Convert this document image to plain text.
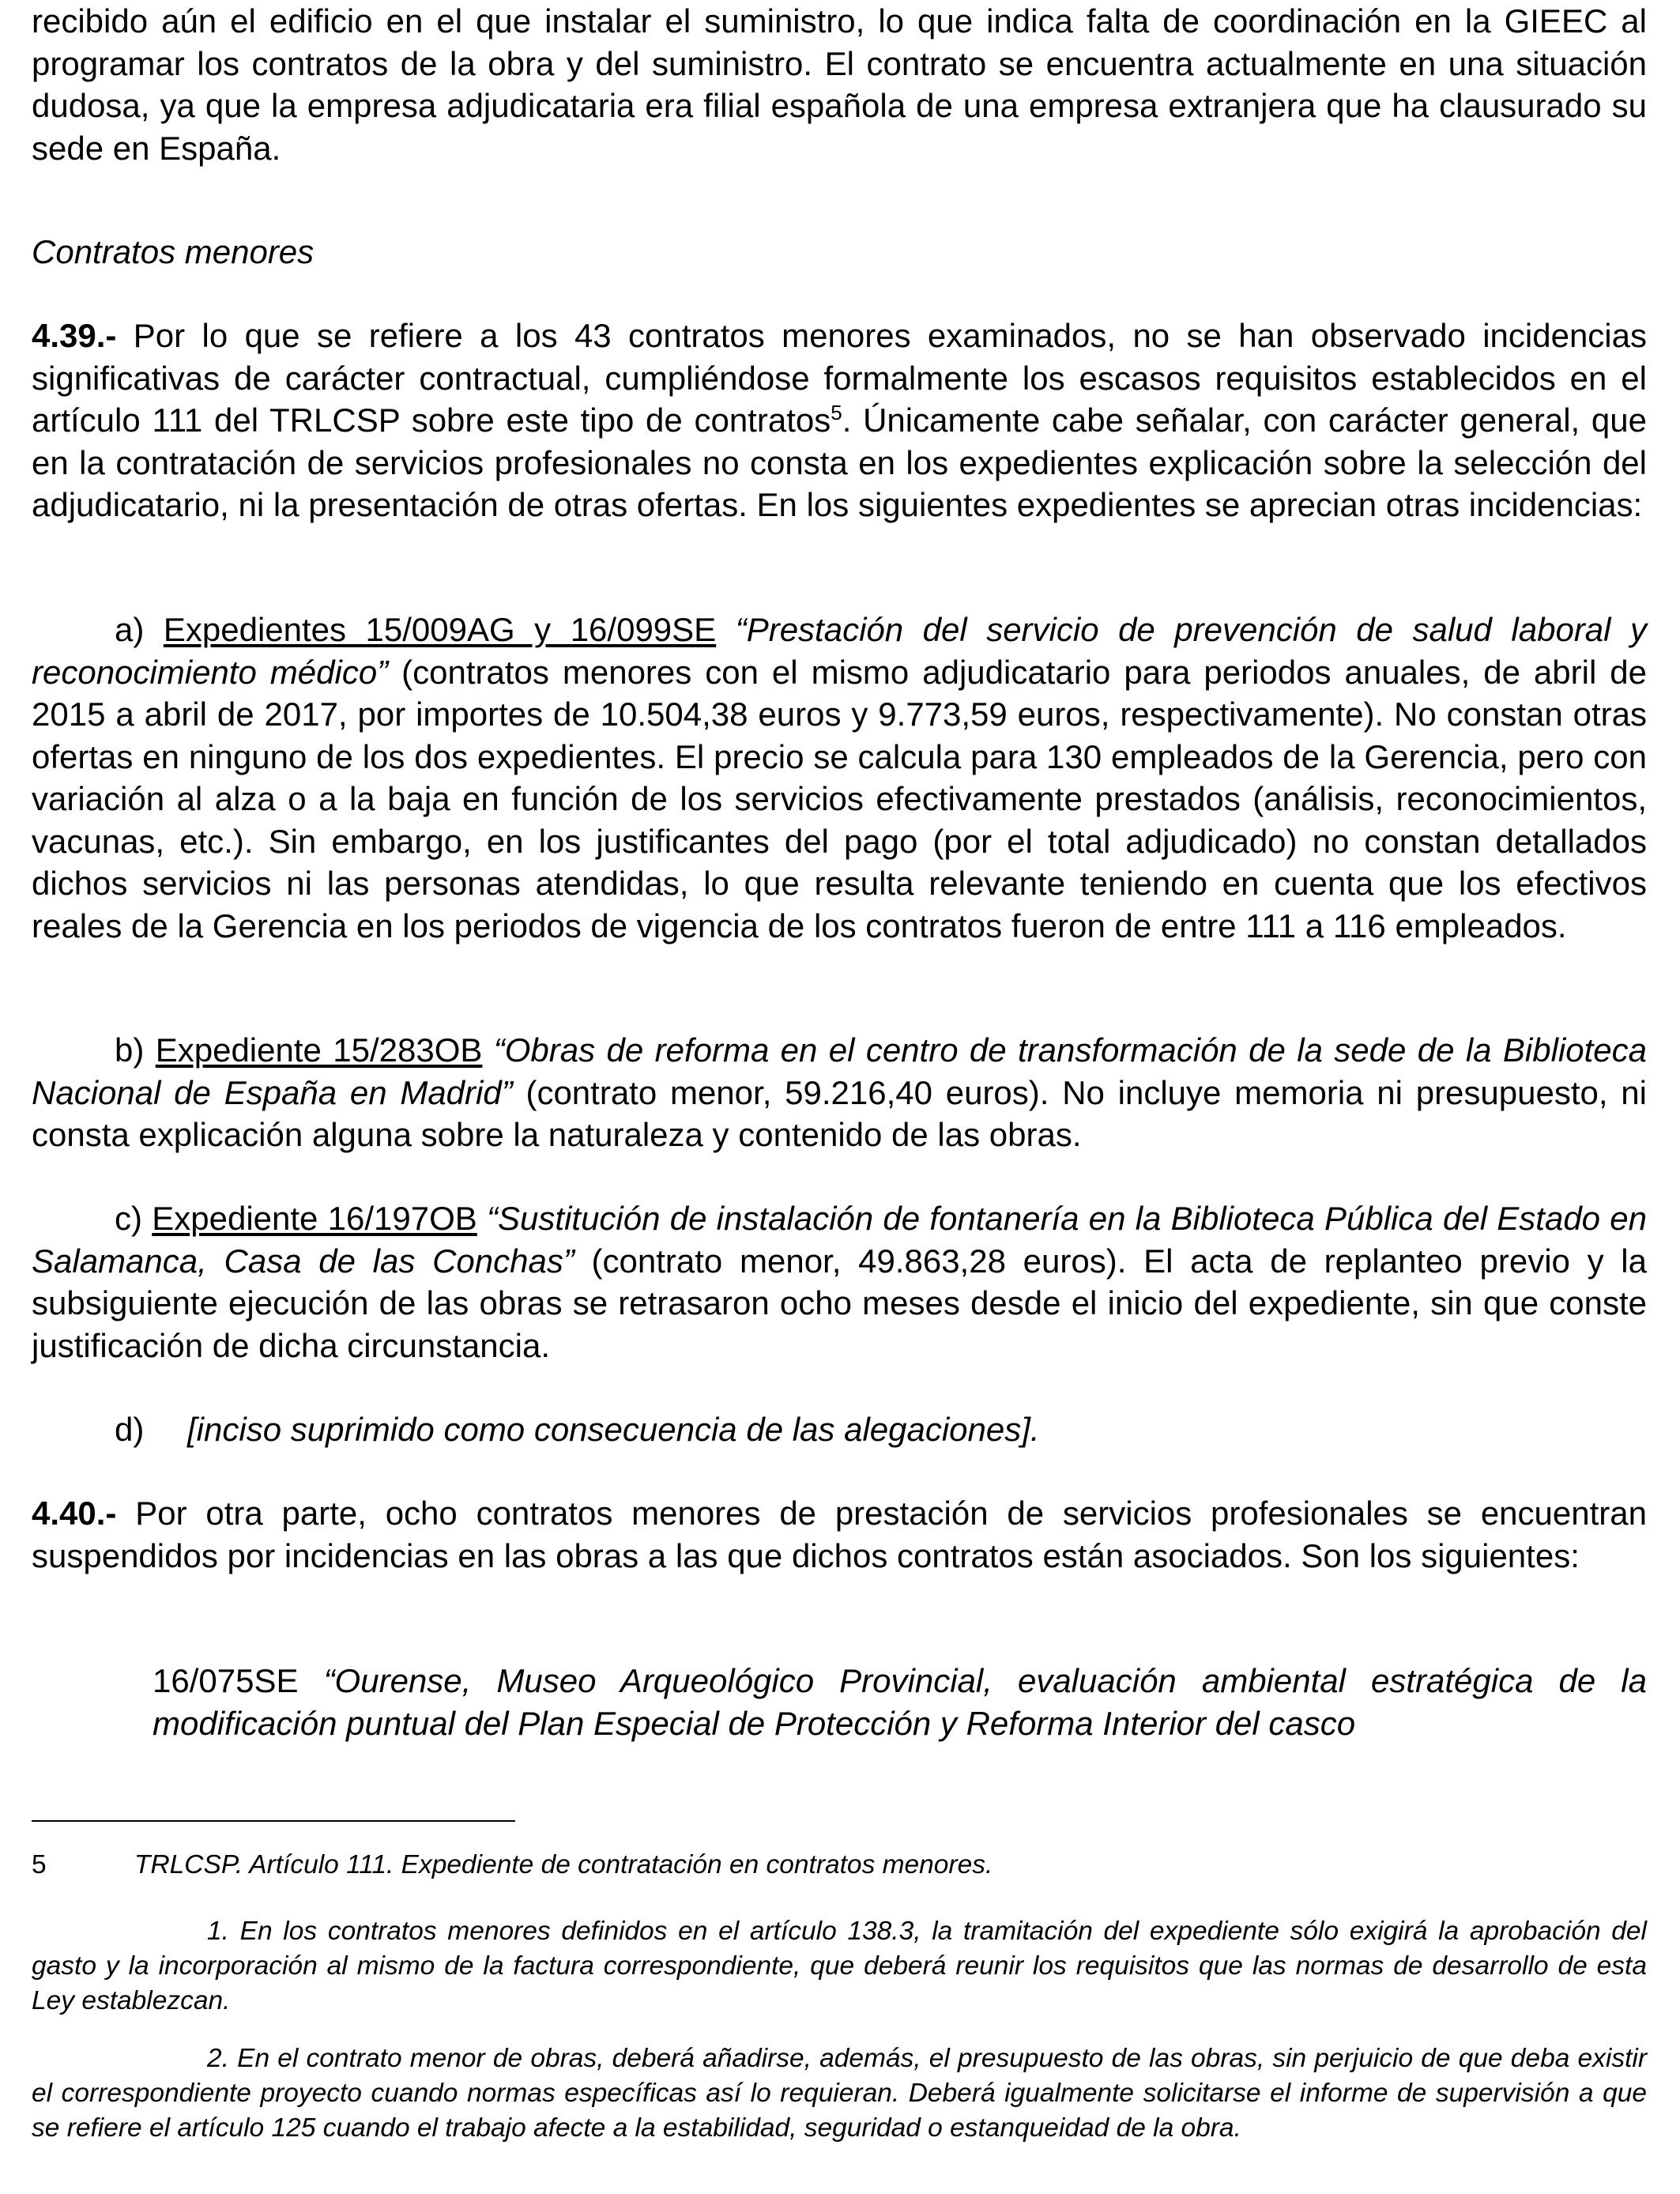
recibido aún el edificio en el que instalar el suministro, lo que indica falta de coordinación en la GIEEC al programar los contratos de la obra y del suministro. El contrato se encuentra actualmente en una situación dudosa, ya que la empresa adjudicataria era filial española de una empresa extranjera que ha clausurado su sede en España.

Contratos menores

4.39.- Por lo que se refiere a los 43 contratos menores examinados, no se han observado incidencias significativas de carácter contractual, cumpliéndose formalmente los escasos requisitos establecidos en el artículo 111 del TRLCSP sobre este tipo de contratos$^5$. Únicamente cabe señalar, con carácter general, que en la contratación de servicios profesionales no consta en los expedientes explicación sobre la selección del adjudicatario, ni la presentación de otras ofertas. En los siguientes expedientes se aprecian otras incidencias:

a) Expedientes 15/009AG y 16/099SE “Prestación del servicio de prevención de salud laboral y reconocimiento médico” (contratos menores con el mismo adjudicatario para periodos anuales, de abril de 2015 a abril de 2017, por importes de 10.504,38 euros y 9.773,59 euros, respectivamente). No constan otras ofertas en ninguno de los dos expedientes. El precio se calcula para 130 empleados de la Gerencia, pero con variación al alza o a la baja en función de los servicios efectivamente prestados (análisis, reconocimientos, vacunas, etc.). Sin embargo, en los justificantes del pago (por el total adjudicado) no constan detallados dichos servicios ni las personas atendidas, lo que resulta relevante teniendo en cuenta que los efectivos reales de la Gerencia en los periodos de vigencia de los contratos fueron de entre 111 a 116 empleados.

b) Expediente 15/283OB “Obras de reforma en el centro de transformación de la sede de la Biblioteca Nacional de España en Madrid” (contrato menor, 59.216,40 euros). No incluye memoria ni presupuesto, ni consta explicación alguna sobre la naturaleza y contenido de las obras.

c) Expediente 16/197OB “Sustitución de instalación de fontanería en la Biblioteca Pública del Estado en Salamanca, Casa de las Conchas” (contrato menor, 49.863,28 euros). El acta de replanteo previo y la subsiguiente ejecución de las obras se retrasaron ocho meses desde el inicio del expediente, sin que conste justificación de dicha circunstancia.

d) [inciso suprimido como consecuencia de las alegaciones].

4.40.- Por otra parte, ocho contratos menores de prestación de servicios profesionales se encuentran suspendidos por incidencias en las obras a las que dichos contratos están asociados. Son los siguientes:

16/075SE “Ourense, Museo Arqueológico Provincial, evaluación ambiental estratégica de la modificación puntual del Plan Especial de Protección y Reforma Interior del casco

5	TRLCSP. Artículo 111. Expediente de contratación en contratos menores.

1. En los contratos menores definidos en el artículo 138.3, la tramitación del expediente sólo exigirá la aprobación del gasto y la incorporación al mismo de la factura correspondiente, que deberá reunir los requisitos que las normas de desarrollo de esta Ley establezcan.

2. En el contrato menor de obras, deberá añadirse, además, el presupuesto de las obras, sin perjuicio de que deba existir el correspondiente proyecto cuando normas específicas así lo requieran. Deberá igualmente solicitarse el informe de supervisión a que se refiere el artículo 125 cuando el trabajo afecte a la estabilidad, seguridad o estanqueidad de la obra.
